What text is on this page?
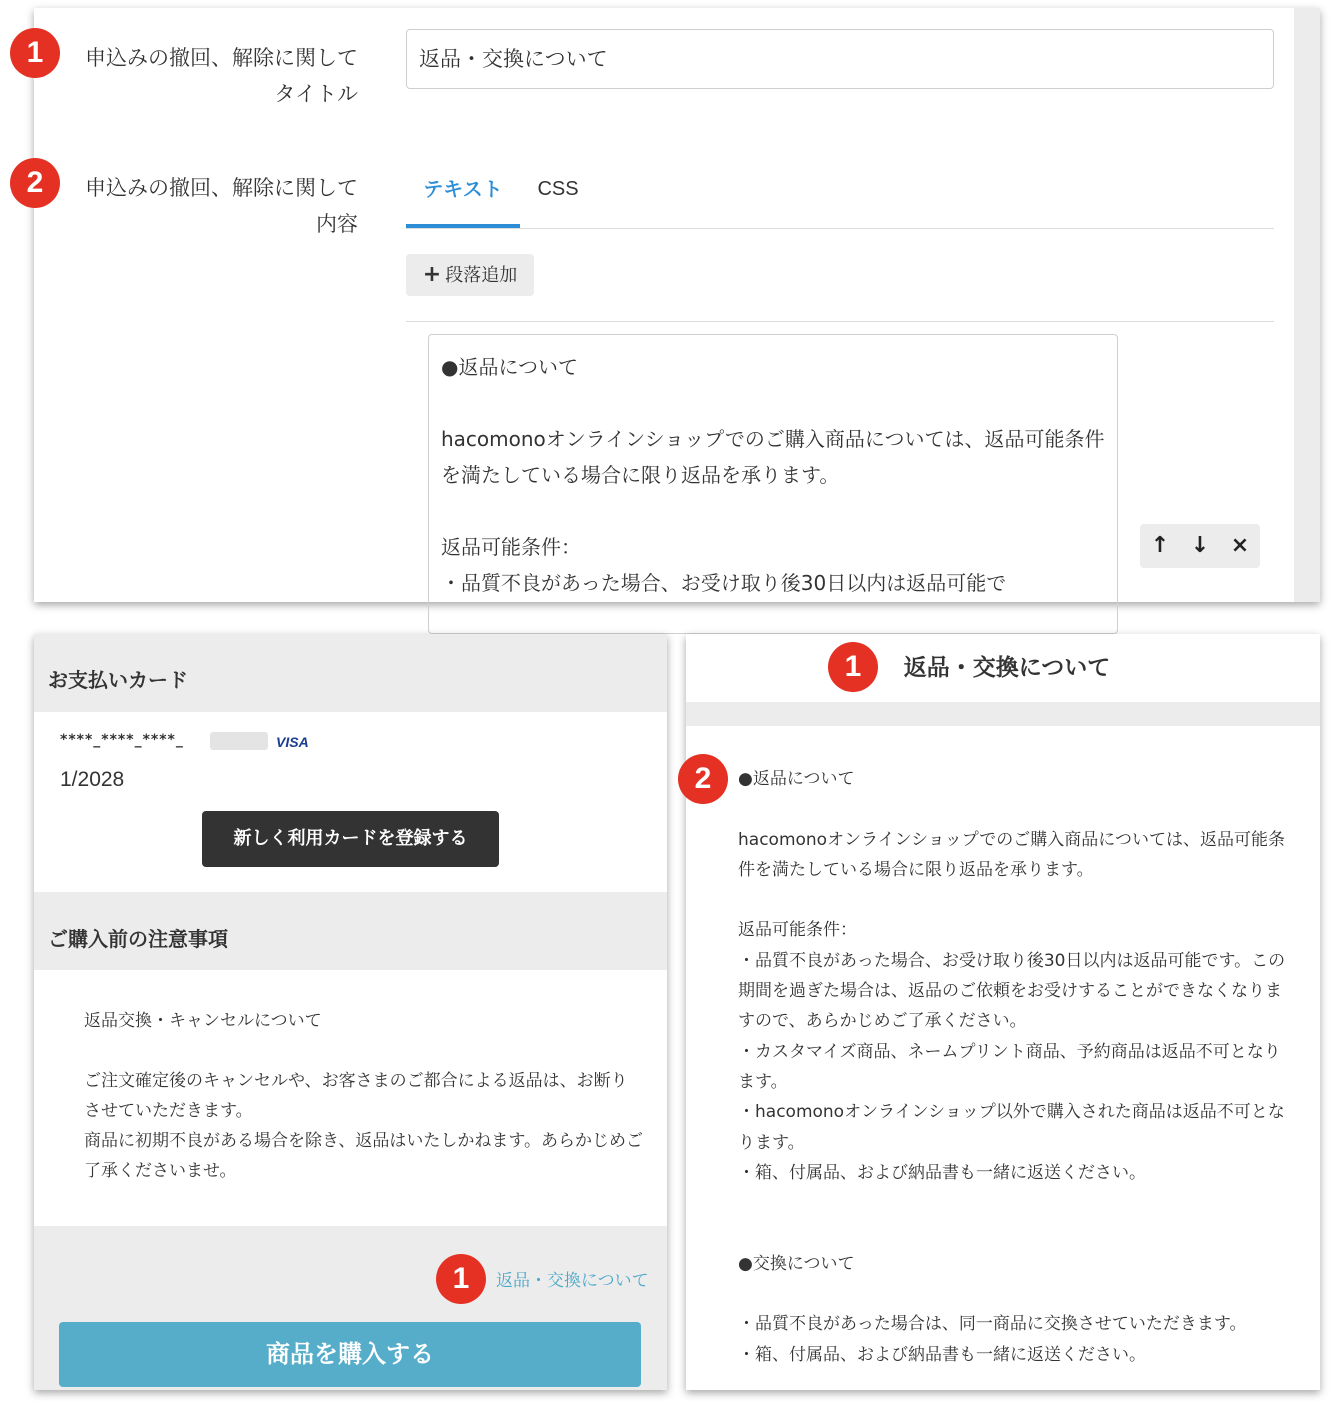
1	申込みの撤回、解除に関して
タイトル
返品・交換について
2	申込みの撤回、解除に関して
内容
テキスト	CSS
+ 段落追加
●返品について

hacomonoオンラインショップでのご購入商品については、返品可能条件を満たしている場合に限り返品を承ります。

返品可能条件：
・品質不良があった場合、お受け取り後30日以内は返品可能で
↑ ↓ ×
お支払いカード
****_****_****_	VISA
1/2028
新しく利用カードを登録する
ご購入前の注意事項
返品交換・キャンセルについて

ご注文確定後のキャンセルや、お客さまのご都合による返品は、お断りさせていただきます。
商品に初期不良がある場合を除き、返品はいたしかねます。あらかじめご了承くださいませ。
1	返品・交換について
商品を購入する
返品・交換について
1
2	●返品について

hacomonoオンラインショップでのご購入商品については、返品可能条件を満たしている場合に限り返品を承ります。

返品可能条件：
・品質不良があった場合、お受け取り後30日以内は返品可能です。この期間を過ぎた場合は、返品のご依頼をお受けすることができなくなりますので、あらかじめご了承ください。
・カスタマイズ商品、ネームプリント商品、予約商品は返品不可となります。
・hacomonoオンラインショップ以外で購入された商品は返品不可となります。
・箱、付属品、および納品書も一緒に返送ください。

●交換について

・品質不良があった場合は、同一商品に交換させていただきます。
・箱、付属品、および納品書も一緒に返送ください。
